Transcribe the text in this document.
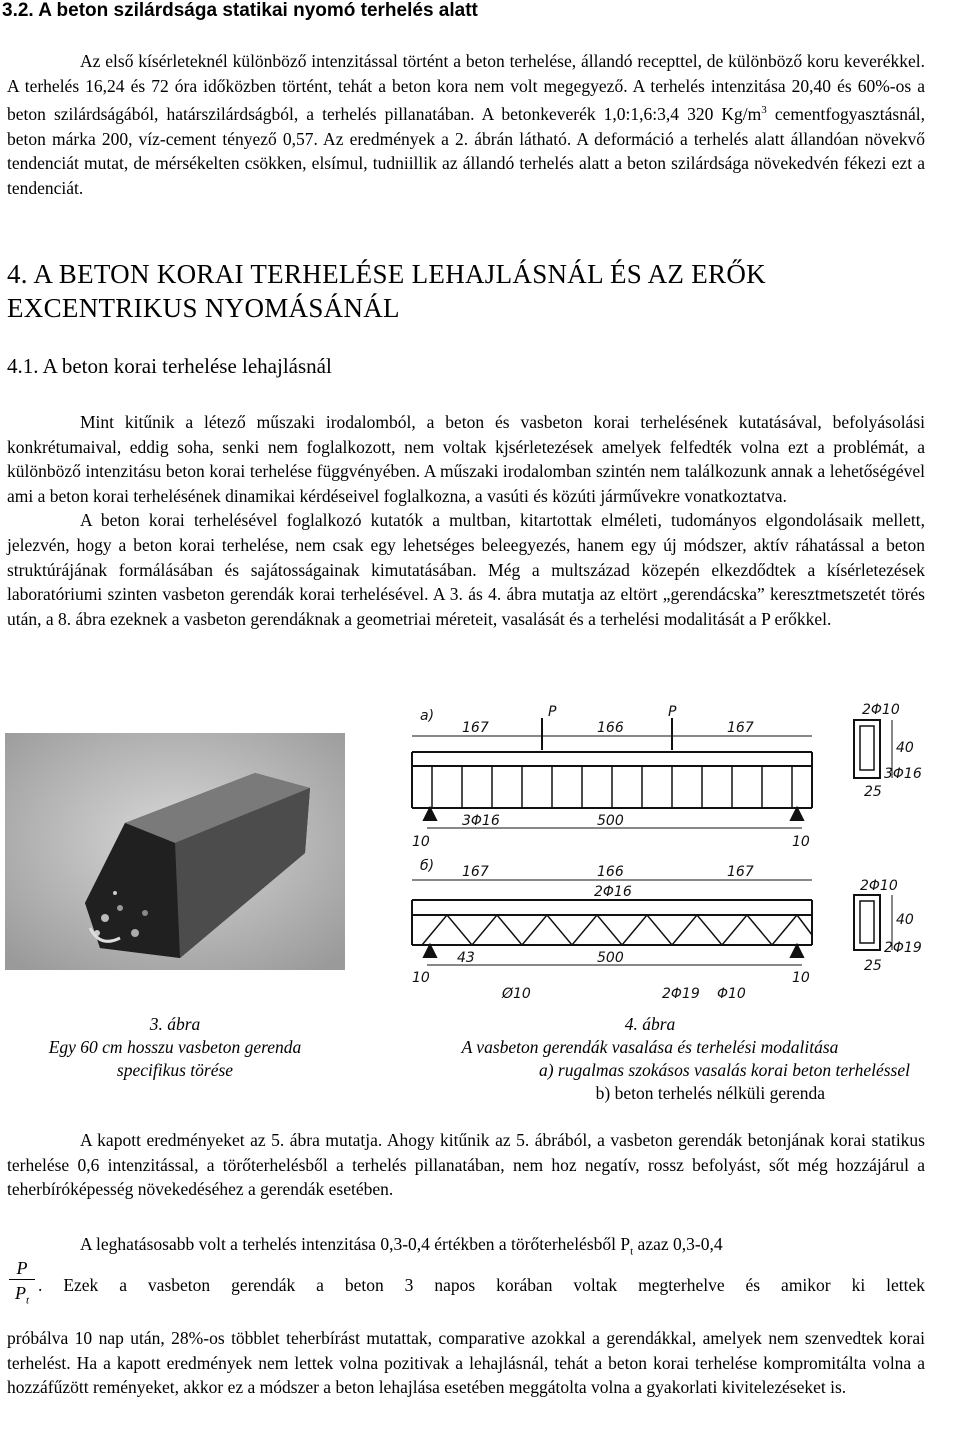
3.2. A beton szilárdsága statikai nyomó terhelés alatt

Az első kísérleteknél különböző intenzitással történt a beton terhelése, állandó recepttel, de különböző koru keverékkel. A terhelés 16,24 és 72 óra időközben történt, tehát a beton kora nem volt megegyező. A terhelés intenzitása 20,40 és 60%-os a beton szilárdságából, határszilárdságból, a terhelés pillanatában. A betonkeverék 1,0:1,6:3,4 320 $Kg/m^3$ cementfogyasztásnál, beton márka 200, víz-cement tényező 0,57. Az eredmények a 2. ábrán látható. A deformáció a terhelés alatt állandóan növekvő tendenciát mutat, de mérsékelten csökken, elsímul, tudniillik az állandó terhelés alatt a beton szilárdsága növekedvén fékezi ezt a tendenciát.

4. A BETON KORAI TERHELÉSE LEHAJLÁSNÁL ÉS AZ ERŐK
EXCENTRIKUS NYOMÁSÁNÁL
4.1. A beton korai terhelése lehajlásnál

Mint kitűnik a létező műszaki irodalomból, a beton és vasbeton korai terhelésének kutatásával, befolyásolási konkrétumaival, eddig soha, senki nem foglalkozott, nem voltak kjsérletezések amelyek felfedték volna ezt a problémát, a különböző intenzitásu beton korai terhelése függvényében. A műszaki irodalomban szintén nem találkozunk annak a lehetőségével ami a beton korai terhelésének dinamikai kérdéseivel foglalkozna, a vasúti és közúti járművekre vonatkoztatva.

A beton korai terhelésével foglalkozó kutatók a multban, kitartottak elméleti, tudományos elgondolásaik mellett, jelezvén, hogy a beton korai terhelése, nem csak egy lehetséges beleegyezés, hanem egy új módszer, aktív ráhatással a beton struktúrájának formálásában és sajátosságainak kimutatásában. Még a multszázad közepén elkezdődtek a kísérletezések laboratóriumi szinten vasbeton gerendák korai terhelésével. A 3. ás 4. ábra mutatja az eltört „gerendácska” keresztmetszetét törés után, a 8. ábra ezeknek a vasbeton gerendáknak a geometriai méreteit, vasalását és a terhelési modalitását a P erőkkel.

a)	P	P
167	166	167
3Φ16	500
10	10
2Φ10
40
3Φ16
25
б) 167	166	167
2Φ16
43	500
10	10
Ø10	2Φ19 Φ10
2Φ10
40
2Φ19
25
3. ábra
Egy 60 cm hosszu vasbeton gerenda specifikus törése
4. ábra
A vasbeton gerendák vasalása és terhelési modalitása
a) rugalmas szokásos vasalás korai beton terheléssel
b) beton terhelés nélküli gerenda

A kapott eredményeket az 5. ábra mutatja. Ahogy kitűnik az 5. ábrából, a vasbeton gerendák betonjának korai statikus terhelése 0,6 intenzitással, a törőterhelésből a terhelés pillanatában, nem hoz negatív, rossz befolyást, sőt még hozzájárul a teherbíróképesség növekedéséhez a gerendák esetében.

A leghatásosabb volt a terhelés intenzitása 0,3-0,4 értékben a törőterhelésből $P_t$ azaz 0,3-0,4

P
$P_t$
. Ezek a vasbeton gerendák a beton 3 napos korában voltak megterhelve és amikor ki lettek

próbálva 10 nap után, 28%-os többlet teherbírást mutattak, comparative azokkal a gerendákkal, amelyek nem szenvedtek korai terhelést. Ha a kapott eredmények nem lettek volna pozitivak a lehajlásnál, tehát a beton korai terhelése kompromitálta volna a hozzáfűzött reményeket, akkor ez a módszer a beton lehajlása esetében meggátolta volna a gyakorlati kivitelezéseket is.
